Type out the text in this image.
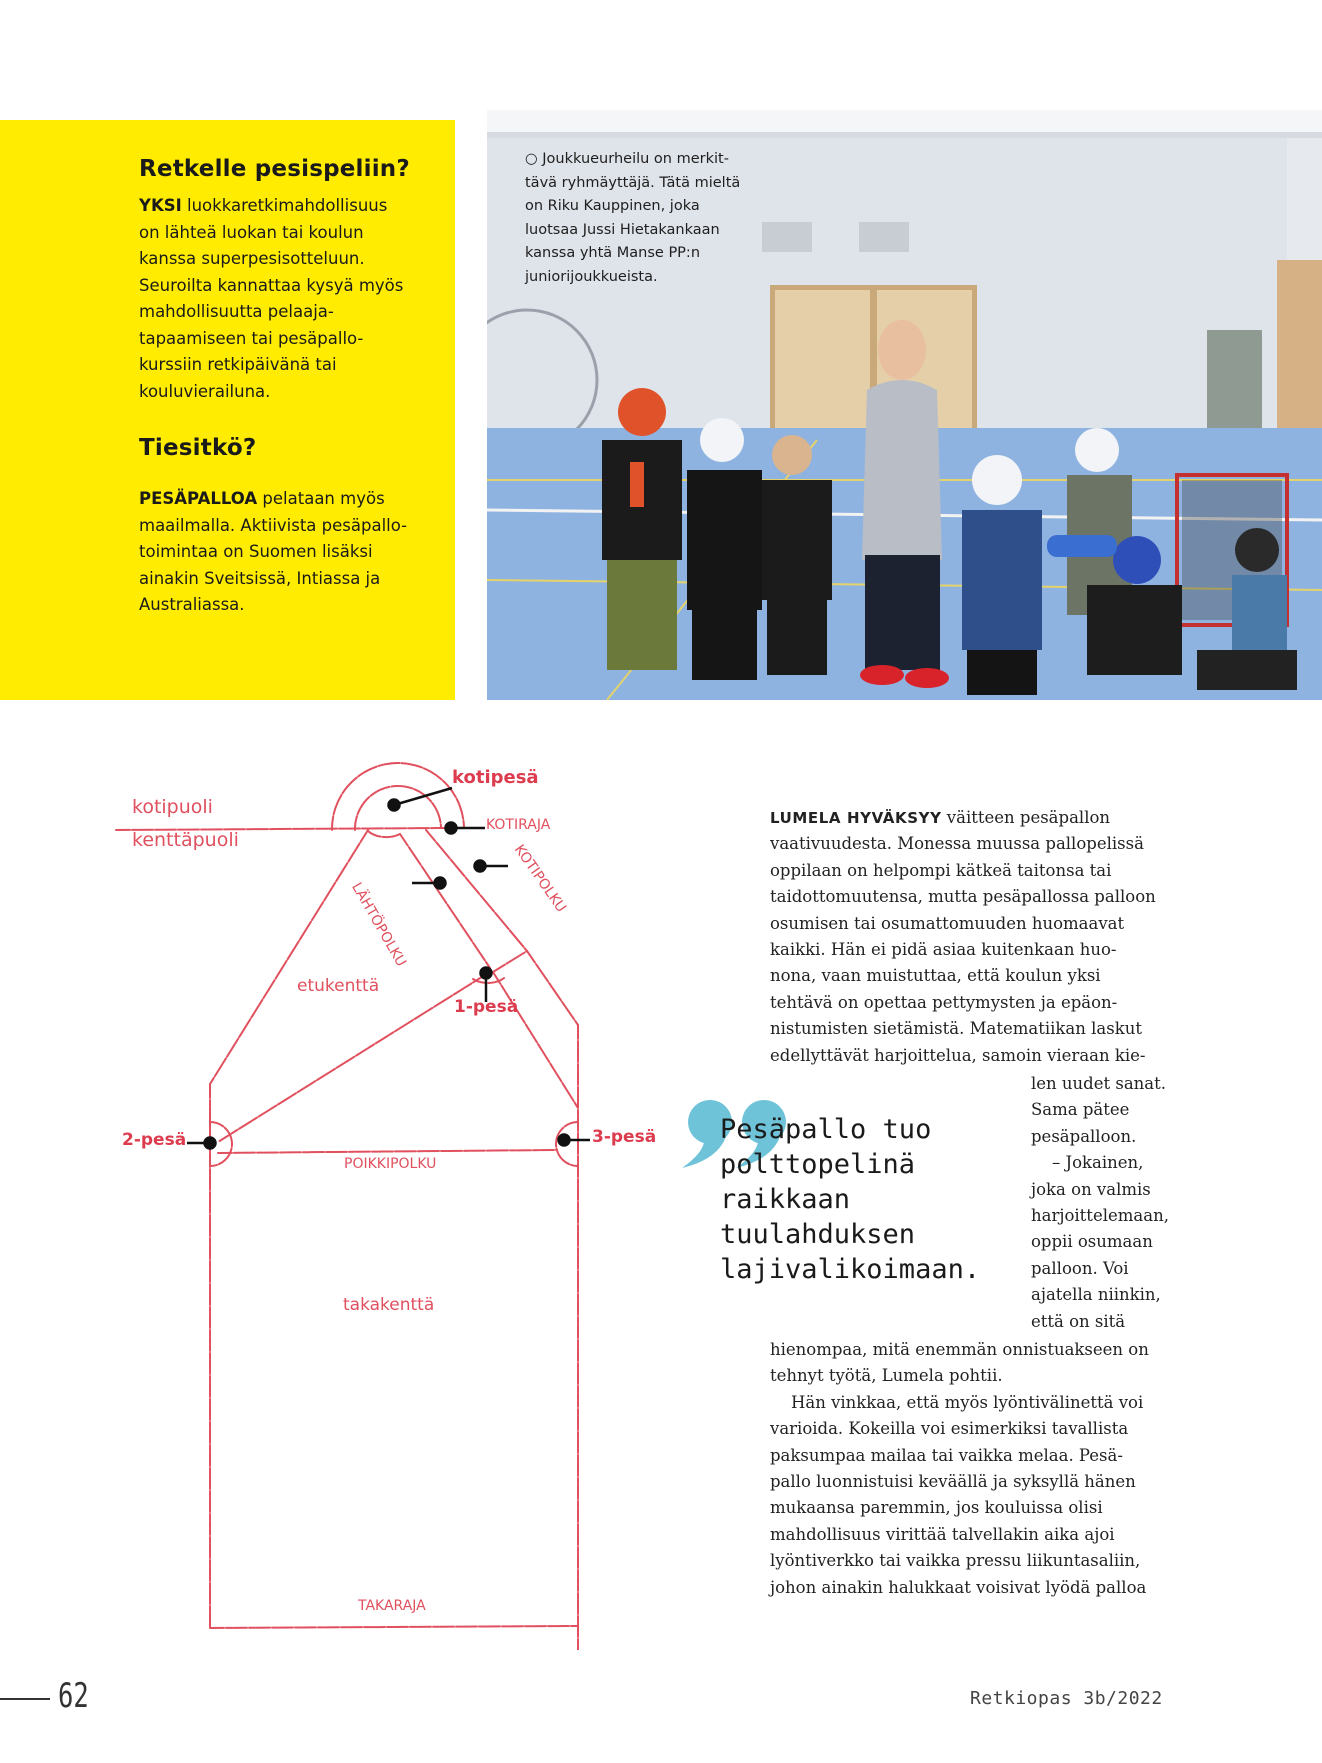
Retkelle pesispeliin?
YKSI luokkaretkimahdollisuus
on lähteä luokan tai koulun
kanssa superpesisotteluun.
Seuroilta kannattaa kysyä myös
mahdollisuutta pelaaja-
tapaamiseen tai pesäpallo-
kurssiin retkipäivänä tai
kouluvierailuna.
Tiesitkö?
PESÄPALLOA pelataan myös
maailmalla. Aktiivista pesäpallo-
toimintaa on Suomen lisäksi
ainakin Sveitsissä, Intiassa ja
Australiassa.
○ Joukkueurheilu on merkit-
tävä ryhmäyttäjä. Tätä mieltä
on Riku Kauppinen, joka
luotsaa Jussi Hietakankaan
kanssa yhtä Manse PP:n
juniorijoukkueista.
kotipesä
KOTIRAJA
kotipuoli
kenttäpuoli
LÄHTÖPOLKU
KOTIPOLKU
etukenttä
1-pesä
2-pesä	3-pesä
POIKKIPOLKU
takakenttä
TAKARAJA
LUMELA HYVÄKSYY väitteen pesäpallon
vaativuudesta. Monessa muussa pallopelissä
oppilaan on helpompi kätkeä taitonsa tai
taidottomuutensa, mutta pesäpallossa palloon
osumisen tai osumattomuuden huomaavat
kaikki. Hän ei pidä asiaa kuitenkaan huo-
nona, vaan muistuttaa, että koulun yksi
tehtävä on opettaa pettymysten ja epäon-
nistumisten sietämistä. Matematiikan laskut
edellyttävät harjoittelua, samoin vieraan kie-
Pesäpallo tuo
polttopelinä
raikkaan
tuulahduksen
lajivalikoimaan.
len uudet sanat.
Sama pätee
pesäpalloon.
– Jokainen,
joka on valmis
harjoittelemaan,
oppii osumaan
palloon. Voi
ajatella niinkin,
että on sitä
hienompaa, mitä enemmän onnistuakseen on
tehnyt työtä, Lumela pohtii.
Hän vinkkaa, että myös lyöntivälinettä voi
varioida. Kokeilla voi esimerkiksi tavallista
paksumpaa mailaa tai vaikka melaa. Pesä-
pallo luonnistuisi keväällä ja syksyllä hänen
mukaansa paremmin, jos kouluissa olisi
mahdollisuus virittää talvellakin aika ajoi
lyöntiverkko tai vaikka pressu liikuntasaliin,
johon ainakin halukkaat voisivat lyödä palloa
62	Retkiopas 3b/2022
